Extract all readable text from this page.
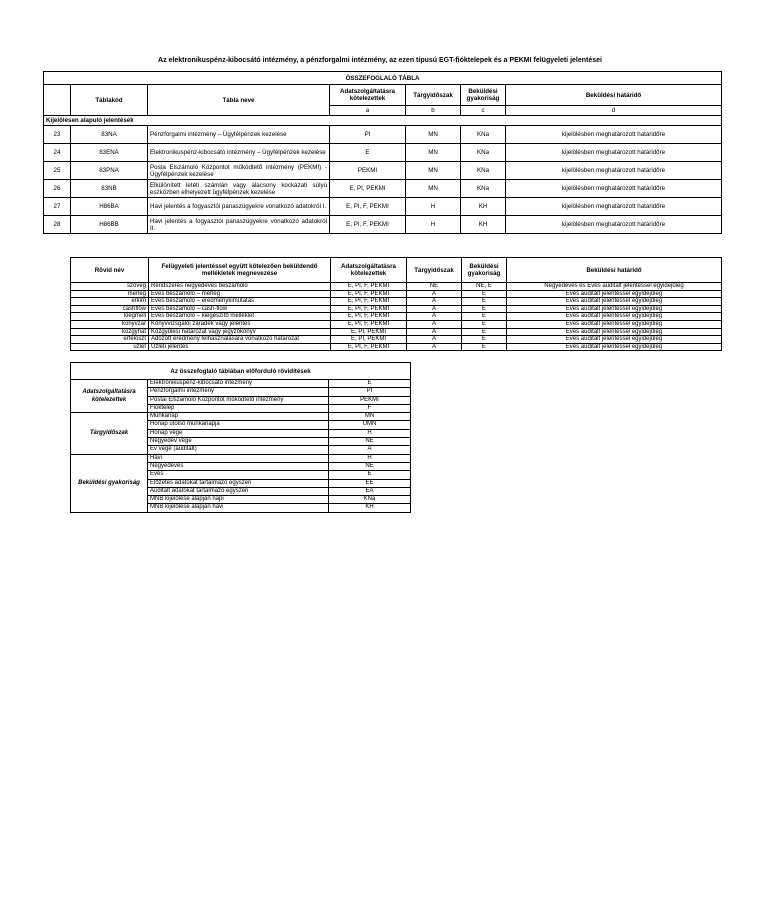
Az elektronikuspénz-kibocsátó intézmény, a pénzforgalmi intézmény, az ezen típusú EGT-fióktelepek és a PEKMI felügyeleti jelentései
ÖSSZEFOGLALÓ TÁBLA						
	Táblakód	Tábla neve	Adatszolgáltatásra kötelezettek	Tárgyidőszak	Beküldési gyakoriság	Beküldési határidő
			a	b	c	d
Kijelölésen alapuló jelentések						
23	83NA	Pénzforgalmi intézmény – Ügyfélpénzek kezelése	PI	MN	KNa	kijelölésben meghatározott határidőre
24	83ENA	Elektronikuspénz-kibocsátó intézmény – Ügyfélpénzek kezelése	E	MN	KNa	kijelölésben meghatározott határidőre
25	83PNA	Posta Elszámoló Központot működtető intézmény (PEKMI) - Ügyfélpénzek kezelése	PEKMI	MN	KNa	kijelölésben meghatározott határidőre
26	83NB	Elkülönített letéti számlán vagy alacsony kockázati súlyú eszközben elhelyezett ügyfélpénzek kezelése	E, PI, PEKMI	MN	KNa	kijelölésben meghatározott határidőre
27	H86BA	Havi jelentés a fogyasztói panaszügyekre vonatkozó adatokról I.	E, PI, F, PEKMI	H	KH	kijelölésben meghatározott határidőre
28	H86BB	Havi jelentés a fogyasztói panaszügyekre vonatkozó adatokról II.	E, PI, F, PEKMI	H	KH	kijelölésben meghatározott határidőre
Rövid név	Felügyeleti jelentéssel együtt kötelezően beküldendő mellékletek megnevezése	Adatszolgáltatásra kötelezettek	Tárgyidőszak	Beküldési gyakoriság	Beküldési határidő
szoveg	Rendszeres negyedéves beszámoló	E, PI, F, PEKMI	NÉ	NÉ, É	Negyedéves és Éves auditált jelentéssel egyidejűleg
merleg	Éves beszámoló – mérleg	E, PI, F, PEKMI	A	É	Éves auditált jelentéssel egyidejűleg
erkim	Éves beszámoló – eredménykimutatás	E, PI, F, PEKMI	A	É	Éves auditált jelentéssel egyidejűleg
cashflow	Éves beszámoló – cash-flow	E, PI, F, PEKMI	A	É	Éves auditált jelentéssel egyidejűleg
kiegmell	Éves beszámoló – kiegészítő melléklet	E, PI, F, PEKMI	A	É	Éves auditált jelentéssel egyidejűleg
konyvzar	Könyvvizsgálói záradék vagy jelentés	E, PI, F, PEKMI	A	É	Éves auditált jelentéssel egyidejűleg
kozgyhat	Közgyűlési határozat vagy jegyzőkönyv	E, PI, PEKMI	A	É	Éves auditált jelentéssel egyidejűleg
erfeloszt	Adózott eredmény felhasználására vonatkozó határozat	E, PI, PEKMI	A	É	Éves auditált jelentéssel egyidejűleg
uzlet	Üzleti jelentés	E, PI, F, PEKMI	A	É	Éves auditált jelentéssel egyidejűleg
Az összefoglaló táblában előforduló rövidítések		
Adatszolgáltatásra kötelezettek	Elektronikuspénz-kibocsátó intézmény	E
	Pénzforgalmi intézmény	PI
	Postai Elszámoló Központot működtető intézmény	PEKMI
	Fióktelep	F
Tárgyidőszak	Munkanap	MN
	Hónap utolsó munkanapja	UMN
	Hónap vége	H
	Negyedév vége	NÉ
	Év vége (auditált)	A
Beküldési gyakoriság	Havi	H
	Negyedéves	NÉ
	Éves	É
	Előzetes adatokat tartalmazó egyszeri	EE
	Auditált adatokat tartalmazó egyszeri	EA
	MNB kijelölése alapján napi	KNa
	MNB kijelölése alapján havi	KH
